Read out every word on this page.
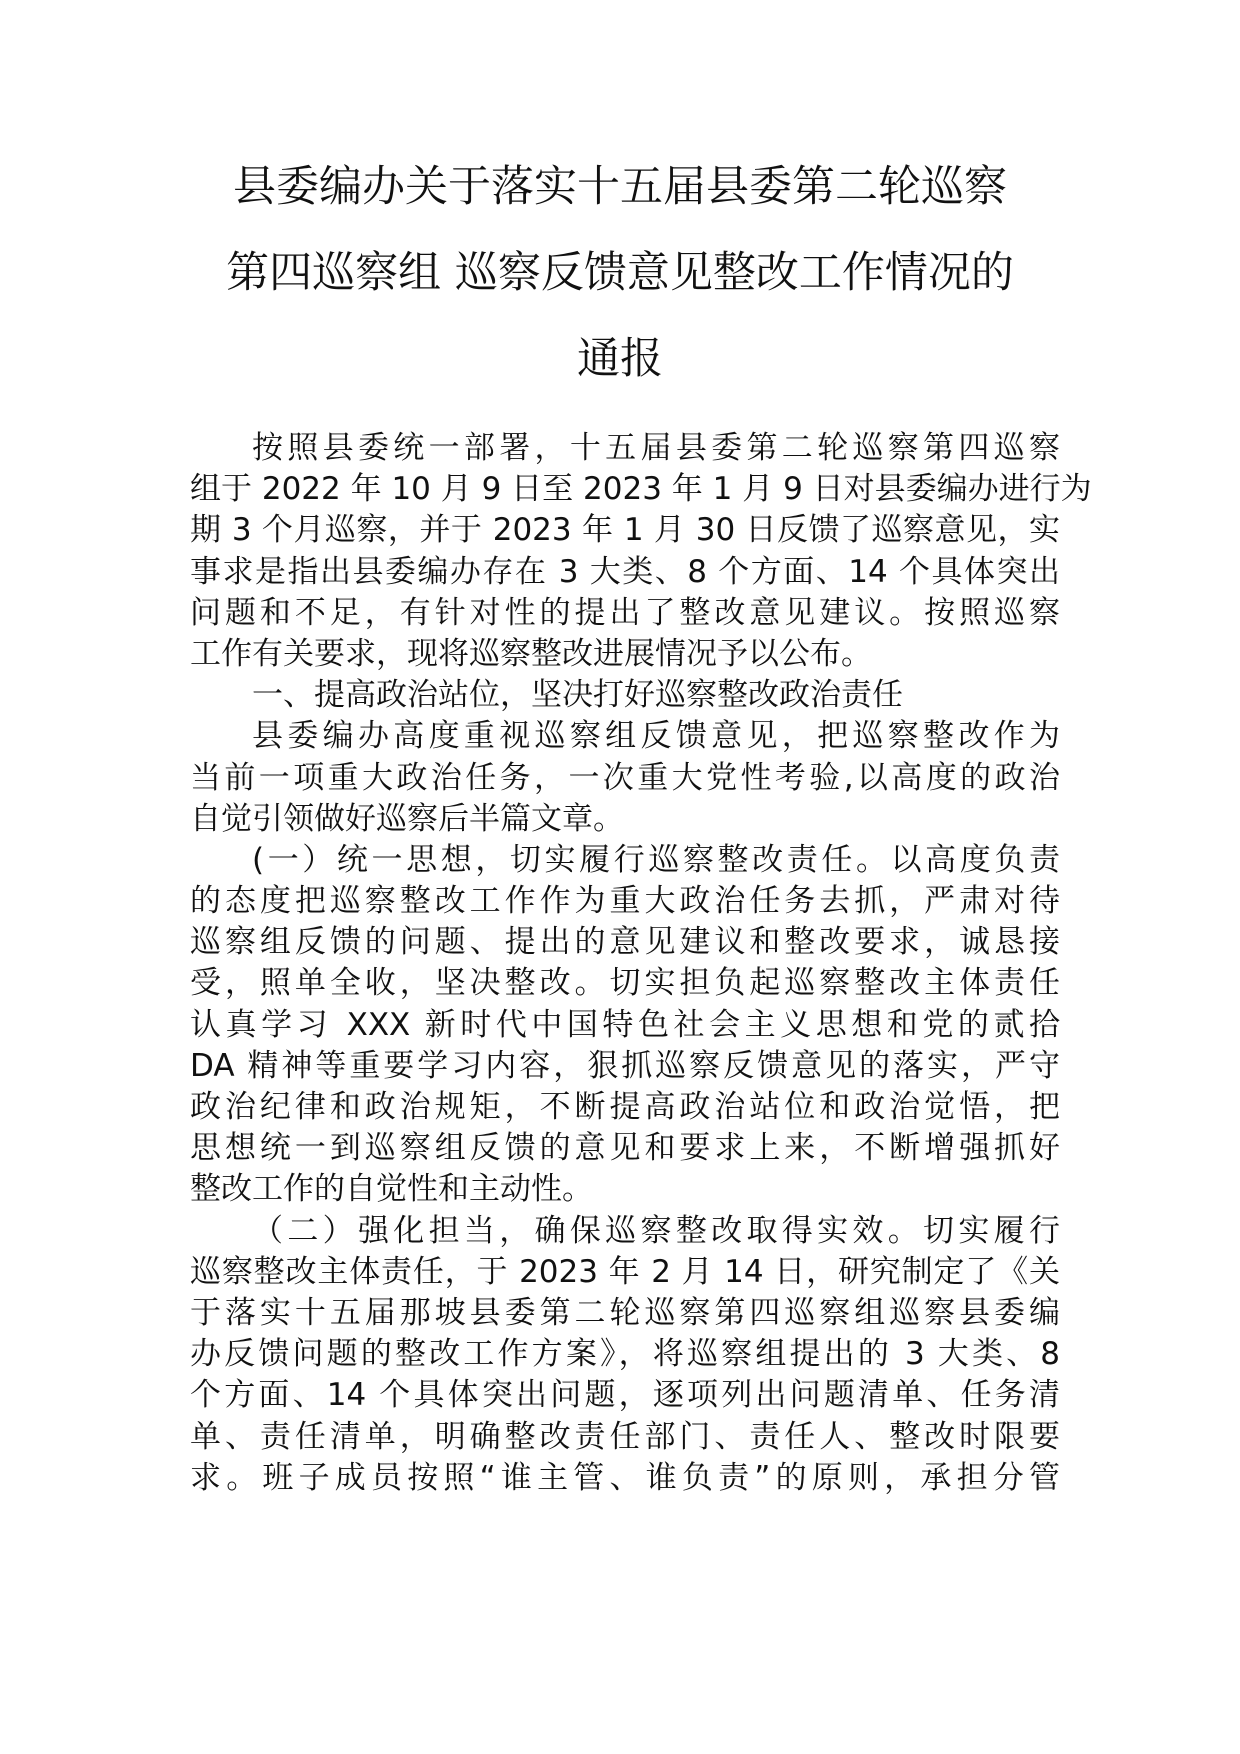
县委编办关于落实十五届县委第二轮巡察
第四巡察组 巡察反馈意见整改工作情况的
通报
按照县委统一部署，十五届县委第二轮巡察第四巡察
组于 2022 年 10 月 9 日至 2023 年 1 月 9 日对县委编办进行为
期 3 个月巡察，并于 2023 年 1 月 30 日反馈了巡察意见，实
事求是指出县委编办存在 3 大类、8 个方面、14 个具体突出
问题和不足，有针对性的提出了整改意见建议。按照巡察
工作有关要求，现将巡察整改进展情况予以公布。
一、提高政治站位，坚决打好巡察整改政治责任
县委编办高度重视巡察组反馈意见，把巡察整改作为
当前一项重大政治任务，一次重大党性考验,以高度的政治
自觉引领做好巡察后半篇文章。
(一）统一思想，切实履行巡察整改责任。以高度负责
的态度把巡察整改工作作为重大政治任务去抓，严肃对待
巡察组反馈的问题、提出的意见建议和整改要求，诚恳接
受，照单全收，坚决整改。切实担负起巡察整改主体责任
认真学习 XXX 新时代中国特色社会主义思想和党的贰拾
DA 精神等重要学习内容，狠抓巡察反馈意见的落实，严守
政治纪律和政治规矩，不断提高政治站位和政治觉悟，把
思想统一到巡察组反馈的意见和要求上来，不断增强抓好
整改工作的自觉性和主动性。
（二）强化担当，确保巡察整改取得实效。切实履行
巡察整改主体责任，于 2023 年 2 月 14 日，研究制定了《关
于落实十五届那坡县委第二轮巡察第四巡察组巡察县委编
办反馈问题的整改工作方案》，将巡察组提出的 3 大类、8
个方面、14 个具体突出问题，逐项列出问题清单、任务清
单、责任清单，明确整改责任部门、责任人、整改时限要
求。班子成员按照“谁主管、谁负责”的原则，承担分管
